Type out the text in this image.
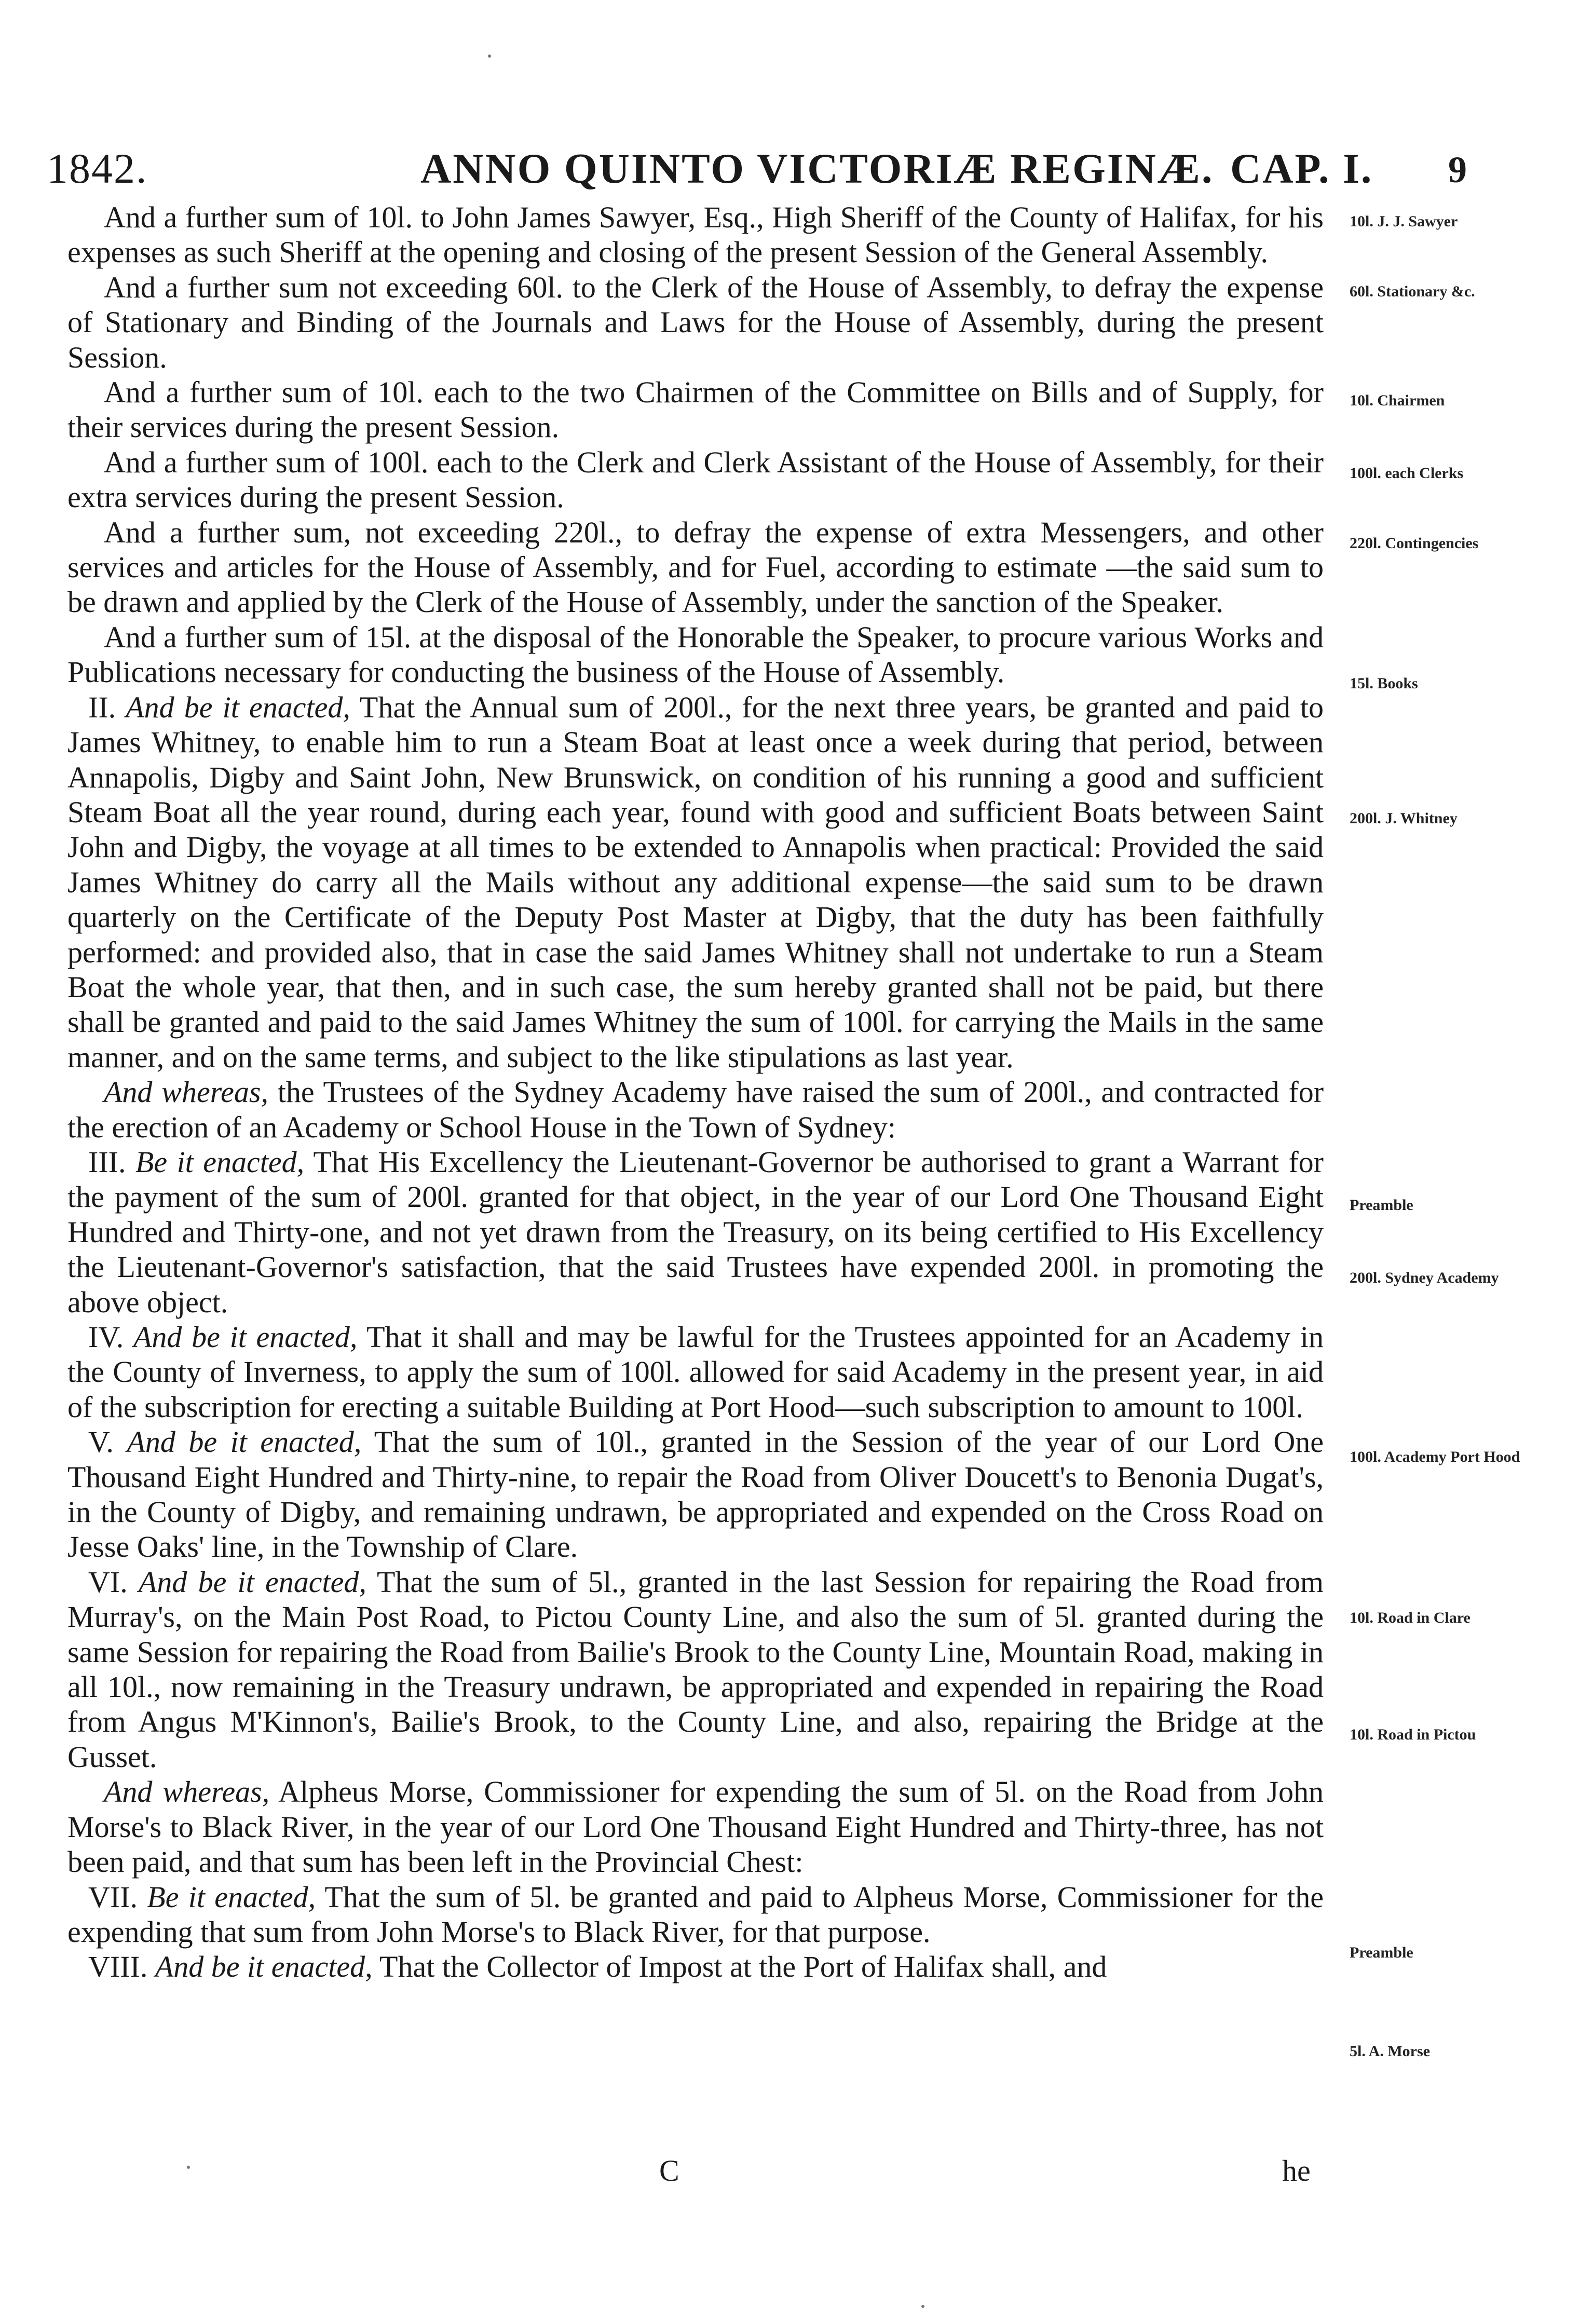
1842.	ANNO QUINTO VICTORIÆ REGINÆ. CAP. I. 9

And a further sum of 10l. to John James Sawyer, Esq., High Sheriff of the County of Halifax, for his expenses as such Sheriff at the opening and closing of the present Session of the General Assembly.

And a further sum not exceeding 60l. to the Clerk of the House of Assembly, to defray the expense of Stationary and Binding of the Journals and Laws for the House of Assembly, during the present Session.

And a further sum of 10l. each to the two Chairmen of the Committee on Bills and of Supply, for their services during the present Session.

And a further sum of 100l. each to the Clerk and Clerk Assistant of the House of Assembly, for their extra services during the present Session.

And a further sum, not exceeding 220l., to defray the expense of extra Messengers, and other services and articles for the House of Assembly, and for Fuel, according to estimate —the said sum to be drawn and applied by the Clerk of the House of Assembly, under the sanction of the Speaker.

And a further sum of 15l. at the disposal of the Honorable the Speaker, to procure various Works and Publications necessary for conducting the business of the House of Assembly.

II. And be it enacted, That the Annual sum of 200l., for the next three years, be granted and paid to James Whitney, to enable him to run a Steam Boat at least once a week during that period, between Annapolis, Digby and Saint John, New Brunswick, on condition of his running a good and sufficient Steam Boat all the year round, during each year, found with good and sufficient Boats between Saint John and Digby, the voyage at all times to be extended to Annapolis when practical: Provided the said James Whitney do carry all the Mails without any additional expense—the said sum to be drawn quarterly on the Certificate of the Deputy Post Master at Digby, that the duty has been faithfully performed: and provided also, that in case the said James Whitney shall not undertake to run a Steam Boat the whole year, that then, and in such case, the sum hereby granted shall not be paid, but there shall be granted and paid to the said James Whitney the sum of 100l. for carrying the Mails in the same manner, and on the same terms, and subject to the like stipulations as last year.

And whereas, the Trustees of the Sydney Academy have raised the sum of 200l., and contracted for the erection of an Academy or School House in the Town of Sydney:

III. Be it enacted, That His Excellency the Lieutenant-Governor be authorised to grant a Warrant for the payment of the sum of 200l. granted for that object, in the year of our Lord One Thousand Eight Hundred and Thirty-one, and not yet drawn from the Treasury, on its being certified to His Excellency the Lieutenant-Governor's satisfaction, that the said Trustees have expended 200l. in promoting the above object.

IV. And be it enacted, That it shall and may be lawful for the Trustees appointed for an Academy in the County of Inverness, to apply the sum of 100l. allowed for said Academy in the present year, in aid of the subscription for erecting a suitable Building at Port Hood—such subscription to amount to 100l.

V. And be it enacted, That the sum of 10l., granted in the Session of the year of our Lord One Thousand Eight Hundred and Thirty-nine, to repair the Road from Oliver Doucett's to Benonia Dugat's, in the County of Digby, and remaining undrawn, be appropriated and expended on the Cross Road on Jesse Oaks' line, in the Township of Clare.

VI. And be it enacted, That the sum of 5l., granted in the last Session for repairing the Road from Murray's, on the Main Post Road, to Pictou County Line, and also the sum of 5l. granted during the same Session for repairing the Road from Bailie's Brook to the County Line, Mountain Road, making in all 10l., now remaining in the Treasury undrawn, be appropriated and expended in repairing the Road from Angus M'Kinnon's, Bailie's Brook, to the County Line, and also, repairing the Bridge at the Gusset.

And whereas, Alpheus Morse, Commissioner for expending the sum of 5l. on the Road from John Morse's to Black River, in the year of our Lord One Thousand Eight Hundred and Thirty-three, has not been paid, and that sum has been left in the Provincial Chest:

VII. Be it enacted, That the sum of 5l. be granted and paid to Alpheus Morse, Commissioner for the expending that sum from John Morse's to Black River, for that purpose.

VIII. And be it enacted, That the Collector of Impost at the Port of Halifax shall, and

10l. J. J. Sawyer
60l. Stationary &c.
10l. Chairmen
100l. each Clerks
220l. Contingencies
15l. Books
200l. J. Whitney
Preamble
200l. Sydney Academy
100l. Academy Port Hood
10l. Road in Clare
10l. Road in Pictou
Preamble
5l. A. Morse
C	he
